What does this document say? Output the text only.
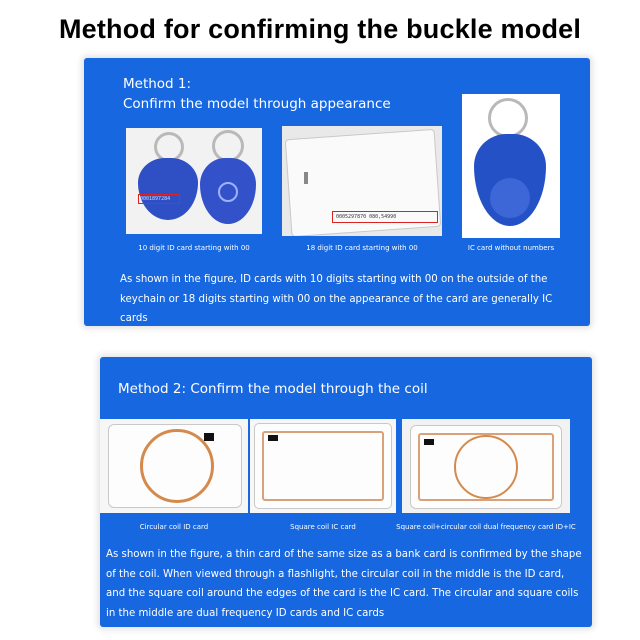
Method for confirming the buckle model
Method 1:
Confirm the model through appearance
0001897284
10 digit ID card starting with 00
0005297870 080,54990
18 digit ID card starting with 00	IC card without numbers
As shown in the figure, ID cards with 10 digits starting with 00 on the outside of the keychain or 18 digits starting with 00 on the appearance of the card are generally IC cards
Method 2: Confirm the model through the coil
Circular coil ID card	Square coil IC card	Square coil+circular coil dual frequency card ID+IC
As shown in the figure, a thin card of the same size as a bank card is confirmed by the shape of the coil. When viewed through a flashlight, the circular coil in the middle is the ID card, and the square coil around the edges of the card is the IC card. The circular and square coils in the middle are dual frequency ID cards and IC cards
